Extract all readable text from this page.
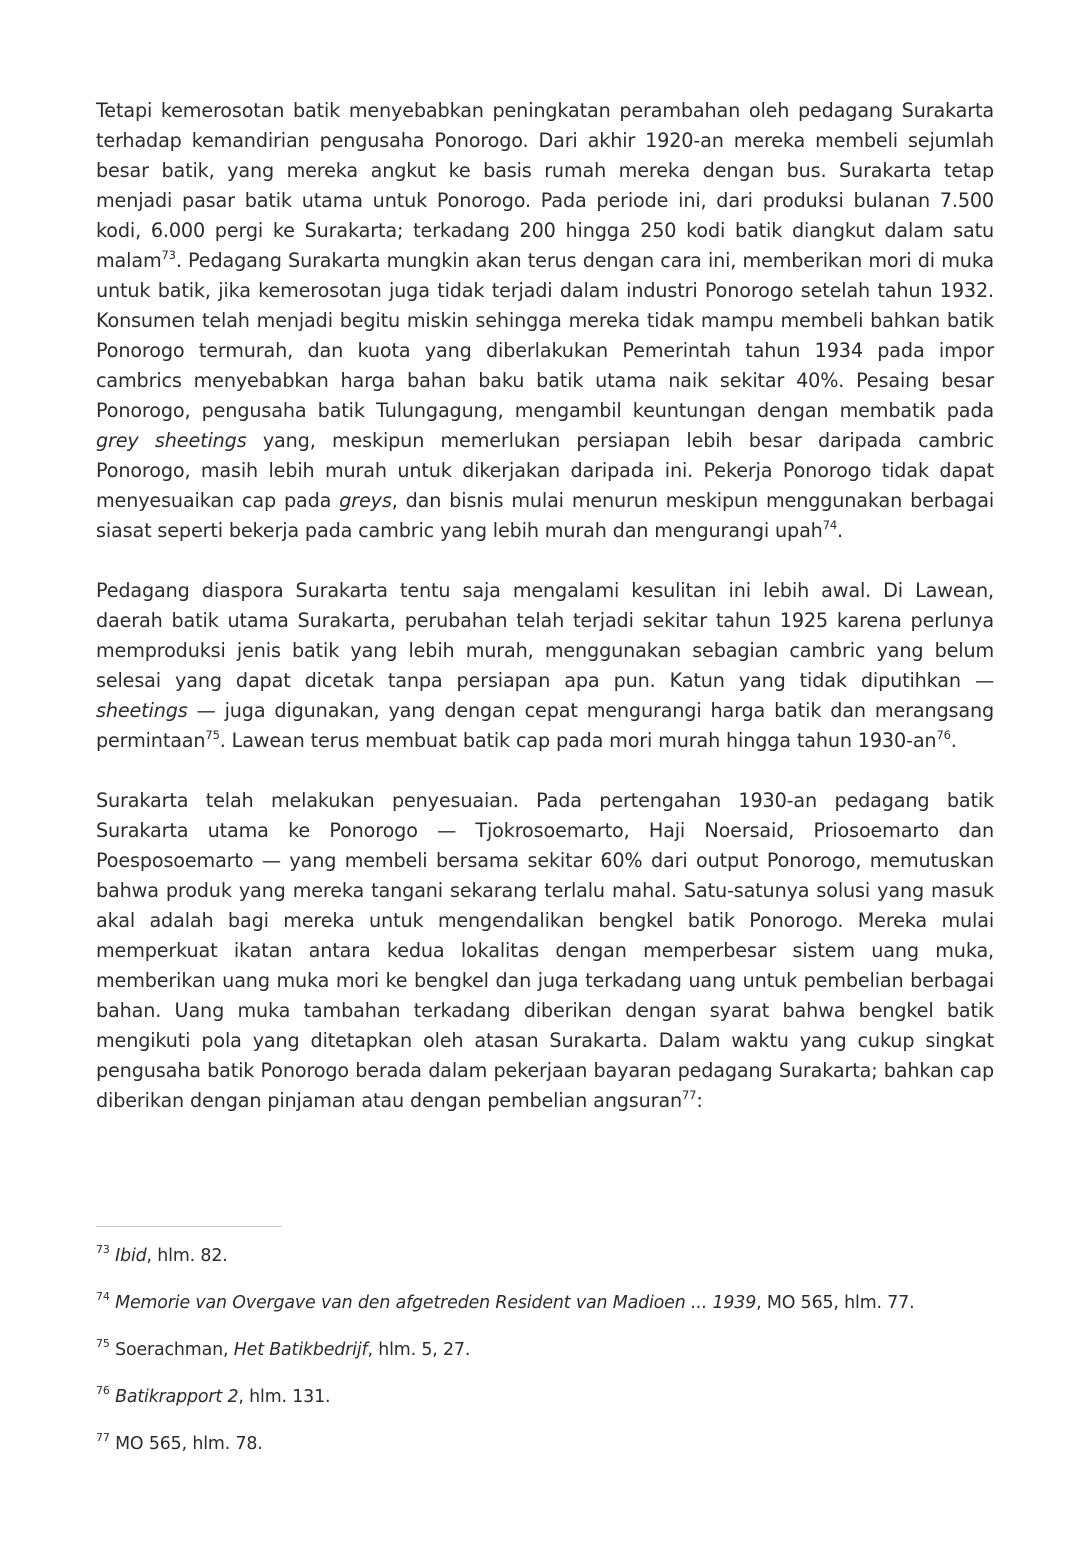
Tetapi kemerosotan batik menyebabkan peningkatan perambahan oleh pedagang Surakarta terhadap kemandirian pengusaha Ponorogo. Dari akhir 1920-an mereka membeli sejumlah besar batik, yang mereka angkut ke basis rumah mereka dengan bus. Surakarta tetap menjadi pasar batik utama untuk Ponorogo. Pada periode ini, dari produksi bulanan 7.500 kodi, 6.000 pergi ke Surakarta; terkadang 200 hingga 250 kodi batik diangkut dalam satu malam$^{73}$. Pedagang Surakarta mungkin akan terus dengan cara ini, memberikan mori di muka untuk batik, jika kemerosotan juga tidak terjadi dalam industri Ponorogo setelah tahun 1932. Konsumen telah menjadi begitu miskin sehingga mereka tidak mampu membeli bahkan batik Ponorogo termurah, dan kuota yang diberlakukan Pemerintah tahun 1934 pada impor cambrics menyebabkan harga bahan baku batik utama naik sekitar 40%. Pesaing besar Ponorogo, pengusaha batik Tulungagung, mengambil keuntungan dengan membatik pada grey sheetings yang, meskipun memerlukan persiapan lebih besar daripada cambric Ponorogo, masih lebih murah untuk dikerjakan daripada ini. Pekerja Ponorogo tidak dapat menyesuaikan cap pada greys, dan bisnis mulai menurun meskipun menggunakan berbagai siasat seperti bekerja pada cambric yang lebih murah dan mengurangi upah$^{74}$.

Pedagang diaspora Surakarta tentu saja mengalami kesulitan ini lebih awal. Di Lawean, daerah batik utama Surakarta, perubahan telah terjadi sekitar tahun 1925 karena perlunya memproduksi jenis batik yang lebih murah, menggunakan sebagian cambric yang belum selesai yang dapat dicetak tanpa persiapan apa pun. Katun yang tidak diputihkan — sheetings — juga digunakan, yang dengan cepat mengurangi harga batik dan merangsang permintaan$^{75}$. Lawean terus membuat batik cap pada mori murah hingga tahun $1930-an^{76}$.

Surakarta telah melakukan penyesuaian. Pada pertengahan 1930-an pedagang batik Surakarta utama ke Ponorogo — Tjokrosoemarto, Haji Noersaid, Priosoemarto dan Poesposoemarto — yang membeli bersama sekitar 60% dari output Ponorogo, memutuskan bahwa produk yang mereka tangani sekarang terlalu mahal. Satu-satunya solusi yang masuk akal adalah bagi mereka untuk mengendalikan bengkel batik Ponorogo. Mereka mulai memperkuat ikatan antara kedua lokalitas dengan memperbesar sistem uang muka, memberikan uang muka mori ke bengkel dan juga terkadang uang untuk pembelian berbagai bahan. Uang muka tambahan terkadang diberikan dengan syarat bahwa bengkel batik mengikuti pola yang ditetapkan oleh atasan Surakarta. Dalam waktu yang cukup singkat pengusaha batik Ponorogo berada dalam pekerjaan bayaran pedagang Surakarta; bahkan cap diberikan dengan pinjaman atau dengan pembelian angsuran$^{77}$:

$^{73}$ Ibid, hlm. 82.
$^{74}$ Memorie van Overgave van den afgetreden Resident van Madioen ... 1939, MO 565, hlm. 77.
$^{75}$ Soerachman, Het Batikbedrijf, hlm. 5, 27.
$^{76}$ Batikrapport 2, hlm. 131.
$^{77}$ MO 565, hlm. 78.
